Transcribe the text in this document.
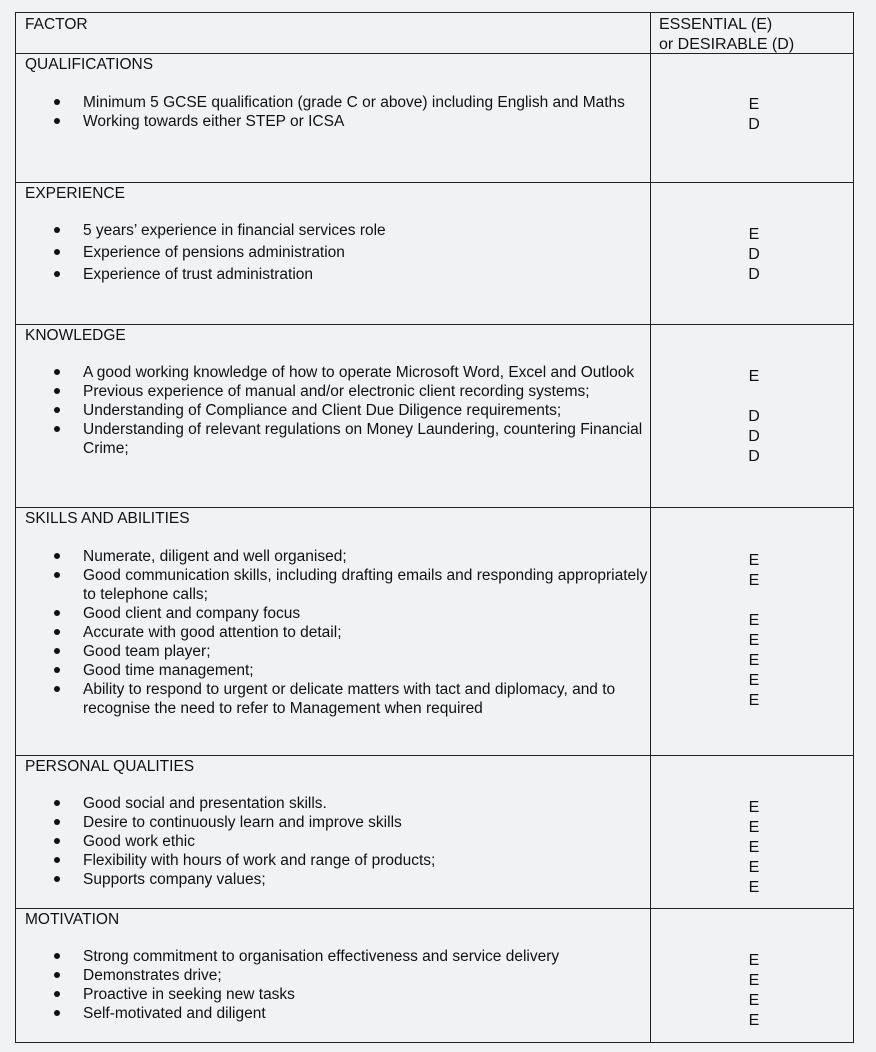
FACTOR	ESSENTIAL (E)
or DESIRABLE (D)
QUALIFICATIONS
Minimum 5 GCSE qualification (grade C or above) including English and Maths
Working towards either STEP or ICSA
E
D
EXPERIENCE
5 years’ experience in financial services role
Experience of pensions administration
Experience of trust administration
E
D
D
KNOWLEDGE
A good working knowledge of how to operate Microsoft Word, Excel and Outlook
Previous experience of manual and/or electronic client recording systems;
Understanding of Compliance and Client Due Diligence requirements;
Understanding of relevant regulations on Money Laundering, countering Financial Crime;
E
D
D
D
SKILLS AND ABILITIES
Numerate, diligent and well organised;
Good communication skills, including drafting emails and responding appropriately to telephone calls;
Good client and company focus
Accurate with good attention to detail;
Good team player;
Good time management;
Ability to respond to urgent or delicate matters with tact and diplomacy, and to recognise the need to refer to Management when required
E
E
E
E
E
E
E
PERSONAL QUALITIES
Good social and presentation skills.
Desire to continuously learn and improve skills
Good work ethic
Flexibility with hours of work and range of products;
Supports company values;
E
E
E
E
E
MOTIVATION
Strong commitment to organisation effectiveness and service delivery
Demonstrates drive;
Proactive in seeking new tasks
Self-motivated and diligent
E
E
E
E
